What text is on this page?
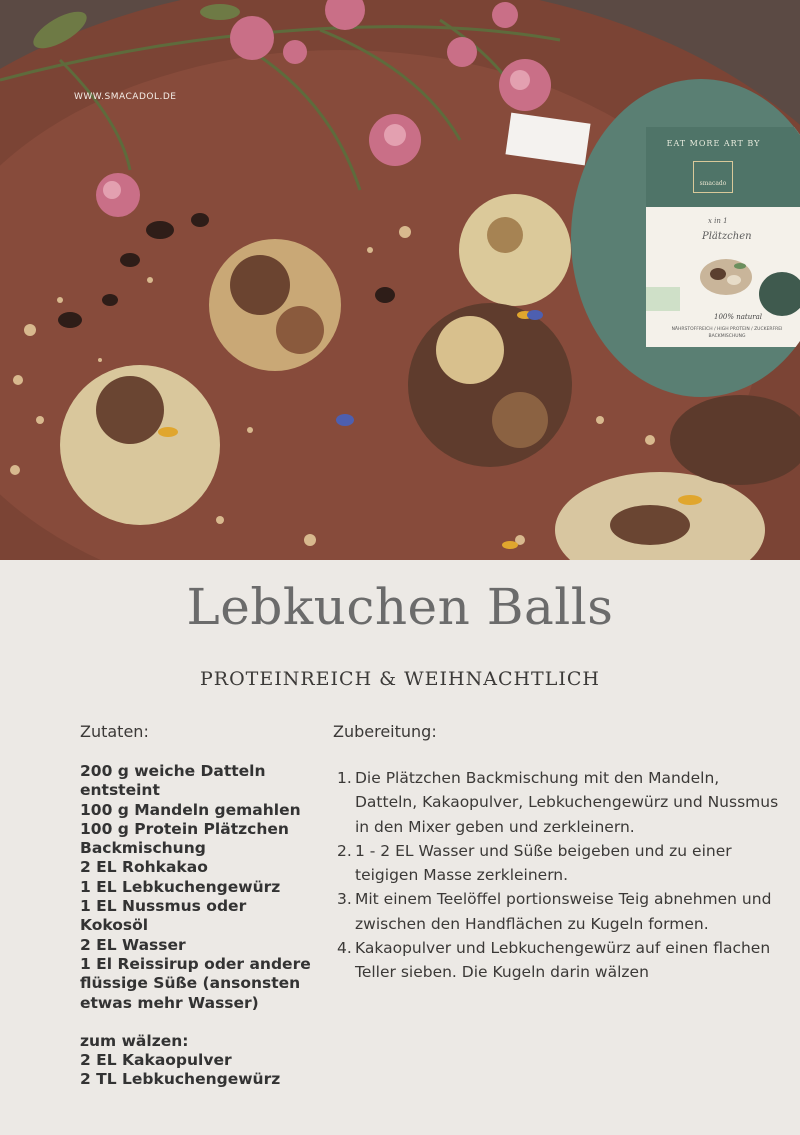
WWW.SMACADOL.DE
EAT MORE ART BY
smacado
x in 1
Plätzchen
100% natural
NÄHRSTOFFREICH / HIGH PROTEIN / ZUCKERFREI
BACKMISCHUNG
Lebkuchen Balls
PROTEINREICH & WEIHNACHTLICH
Zutaten:	Zubereitung:
200 g weiche Datteln
entsteint
100 g Mandeln gemahlen
100 g Protein Plätzchen
Backmischung
2 EL Rohkakao
1 EL Lebkuchengewürz
1 EL Nussmus oder
Kokosöl
2 EL Wasser
1 El Reissirup oder andere
flüssige Süße (ansonsten
etwas mehr Wasser)
zum wälzen:
2 EL Kakaopulver
2 TL Lebkuchengewürz
1. Die Plätzchen Backmischung mit den Mandeln, Datteln, Kakaopulver, Lebkuchengewürz und Nussmus in den Mixer geben und zerkleinern.
2. 1 - 2 EL Wasser und Süße beigeben und zu einer teigigen Masse zerkleinern.
3. Mit einem Teelöffel portionsweise Teig abnehmen und zwischen den Handflächen zu Kugeln formen.
4. Kakaopulver und Lebkuchengewürz auf einen flachen Teller sieben. Die Kugeln darin wälzen
